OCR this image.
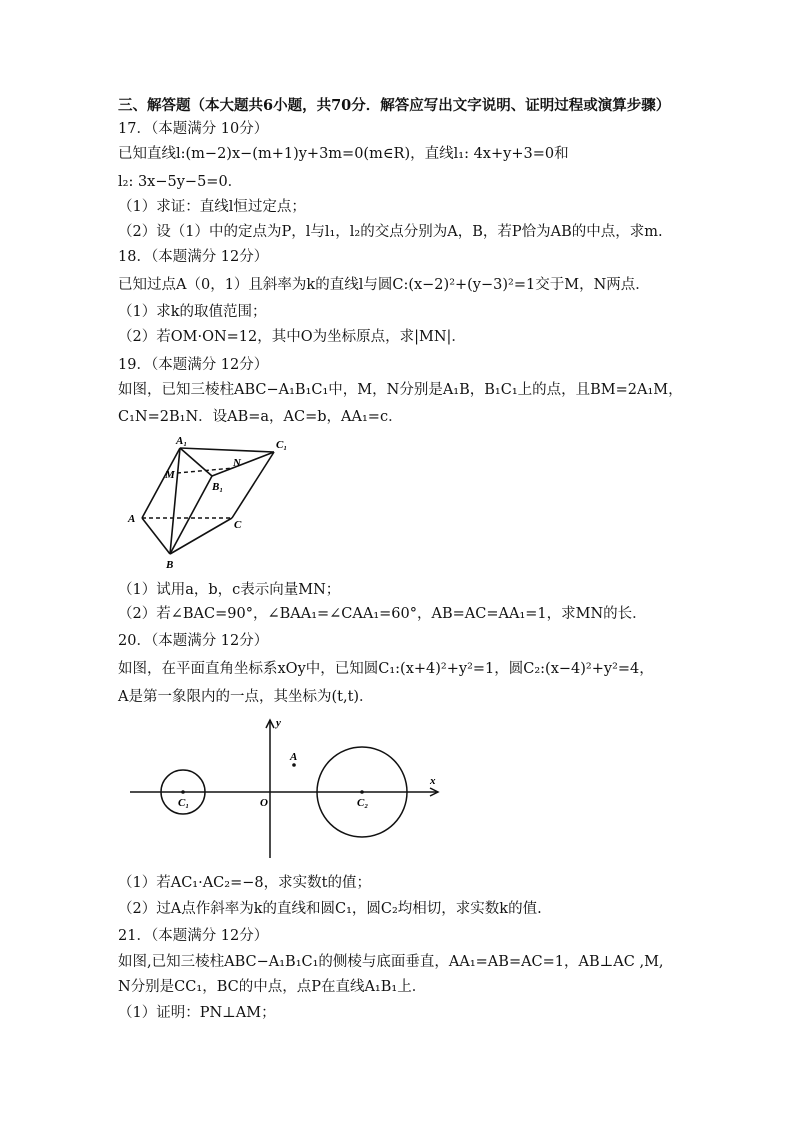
三、解答题（本大题共6小题，共70分．解答应写出文字说明、证明过程或演算步骤）
17．（本题满分 10分）
已知直线l:(m−2)x−(m+1)y+3m=0(m∈R)，直线l₁: 4x+y+3=0和
l₂: 3x−5y−5=0．
（1）求证：直线l恒过定点；
（2）设（1）中的定点为P，l与l₁，l₂的交点分别为A，B，若P恰为AB的中点，求m.
18．（本题满分 12分）
已知过点A（0，1）且斜率为k的直线l与圆C:(x−2)²+(y−3)²=1交于M，N两点．
（1）求k的取值范围；
（2）若OM·ON=12，其中O为坐标原点，求|MN|．
19．（本题满分 12分）
如图，已知三棱柱ABC−A₁B₁C₁中，M，N分别是A₁B，B₁C₁上的点，且BM=2A₁M，
C₁N=2B₁N．设AB=a，AC=b，AA₁=c．
A₁	C₁
M
N
B₁
A	C
B
（1）试用a，b，c表示向量MN；
（2）若∠BAC=90°，∠BAA₁=∠CAA₁=60°，AB=AC=AA₁=1，求MN的长．
20．（本题满分 12分）
如图，在平面直角坐标系xOy中，已知圆C₁:(x+4)²+y²=1，圆C₂:(x−4)²+y²=4，
A是第一象限内的一点，其坐标为(t,t)．
y
x
A
O
C₁	C₂
（1）若AC₁·AC₂=−8，求实数t的值；
（2）过A点作斜率为k的直线和圆C₁，圆C₂均相切，求实数k的值.
21．（本题满分 12分）
如图,已知三棱柱ABC−A₁B₁C₁的侧棱与底面垂直，AA₁=AB=AC=1，AB⊥AC ,M,
N分别是CC₁，BC的中点，点P在直线A₁B₁上．
（1）证明：PN⊥AM；
